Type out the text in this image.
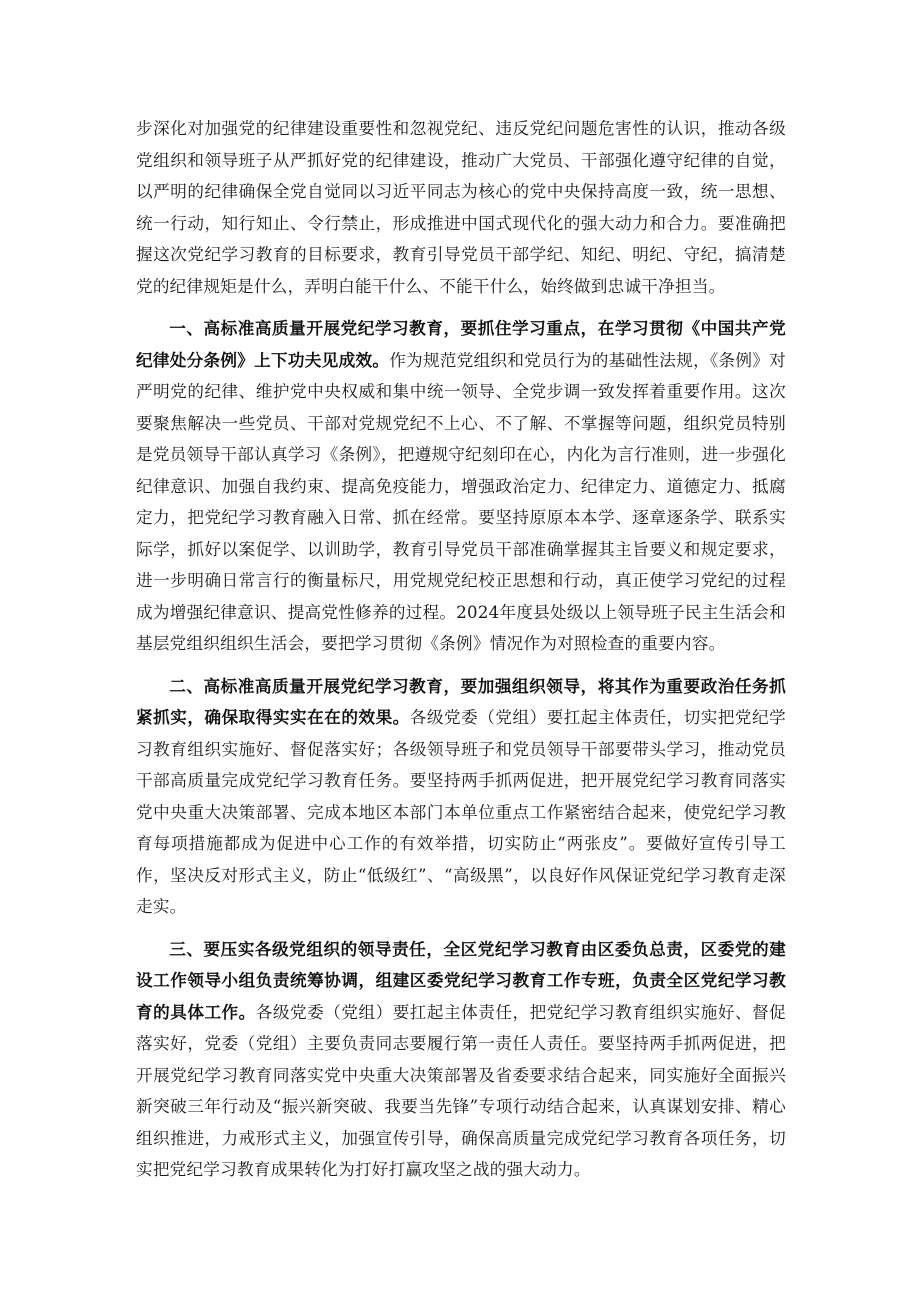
步深化对加强党的纪律建设重要性和忽视党纪、违反党纪问题危害性的认识，推动各级党组织和领导班子从严抓好党的纪律建设，推动广大党员、干部强化遵守纪律的自觉，以严明的纪律确保全党自觉同以习近平同志为核心的党中央保持高度一致，统一思想、统一行动，知行知止、令行禁止，形成推进中国式现代化的强大动力和合力。要准确把握这次党纪学习教育的目标要求，教育引导党员干部学纪、知纪、明纪、守纪，搞清楚党的纪律规矩是什么，弄明白能干什么、不能干什么，始终做到忠诚干净担当。

一、高标准高质量开展党纪学习教育，要抓住学习重点，在学习贯彻《中国共产党纪律处分条例》上下功夫见成效。作为规范党组织和党员行为的基础性法规，《条例》对严明党的纪律、维护党中央权威和集中统一领导、全党步调一致发挥着重要作用。这次要聚焦解决一些党员、干部对党规党纪不上心、不了解、不掌握等问题，组织党员特别是党员领导干部认真学习《条例》，把遵规守纪刻印在心，内化为言行准则，进一步强化纪律意识、加强自我约束、提高免疫能力，增强政治定力、纪律定力、道德定力、抵腐定力，把党纪学习教育融入日常、抓在经常。要坚持原原本本学、逐章逐条学、联系实际学，抓好以案促学、以训助学，教育引导党员干部准确掌握其主旨要义和规定要求，进一步明确日常言行的衡量标尺，用党规党纪校正思想和行动，真正使学习党纪的过程成为增强纪律意识、提高党性修养的过程。2024年度县处级以上领导班子民主生活会和基层党组织组织生活会，要把学习贯彻《条例》情况作为对照检查的重要内容。

二、高标准高质量开展党纪学习教育，要加强组织领导，将其作为重要政治任务抓紧抓实，确保取得实实在在的效果。各级党委（党组）要扛起主体责任，切实把党纪学习教育组织实施好、督促落实好；各级领导班子和党员领导干部要带头学习，推动党员干部高质量完成党纪学习教育任务。要坚持两手抓两促进，把开展党纪学习教育同落实党中央重大决策部署、完成本地区本部门本单位重点工作紧密结合起来，使党纪学习教育每项措施都成为促进中心工作的有效举措，切实防止“两张皮”。要做好宣传引导工作，坚决反对形式主义，防止“低级红”、“高级黑”，以良好作风保证党纪学习教育走深走实。

三、要压实各级党组织的领导责任，全区党纪学习教育由区委负总责，区委党的建设工作领导小组负责统筹协调，组建区委党纪学习教育工作专班，负责全区党纪学习教育的具体工作。各级党委（党组）要扛起主体责任，把党纪学习教育组织实施好、督促落实好，党委（党组）主要负责同志要履行第一责任人责任。要坚持两手抓两促进，把开展党纪学习教育同落实党中央重大决策部署及省委要求结合起来，同实施好全面振兴新突破三年行动及“振兴新突破、我要当先锋”专项行动结合起来，认真谋划安排、精心组织推进，力戒形式主义，加强宣传引导，确保高质量完成党纪学习教育各项任务，切实把党纪学习教育成果转化为打好打赢攻坚之战的强大动力。
